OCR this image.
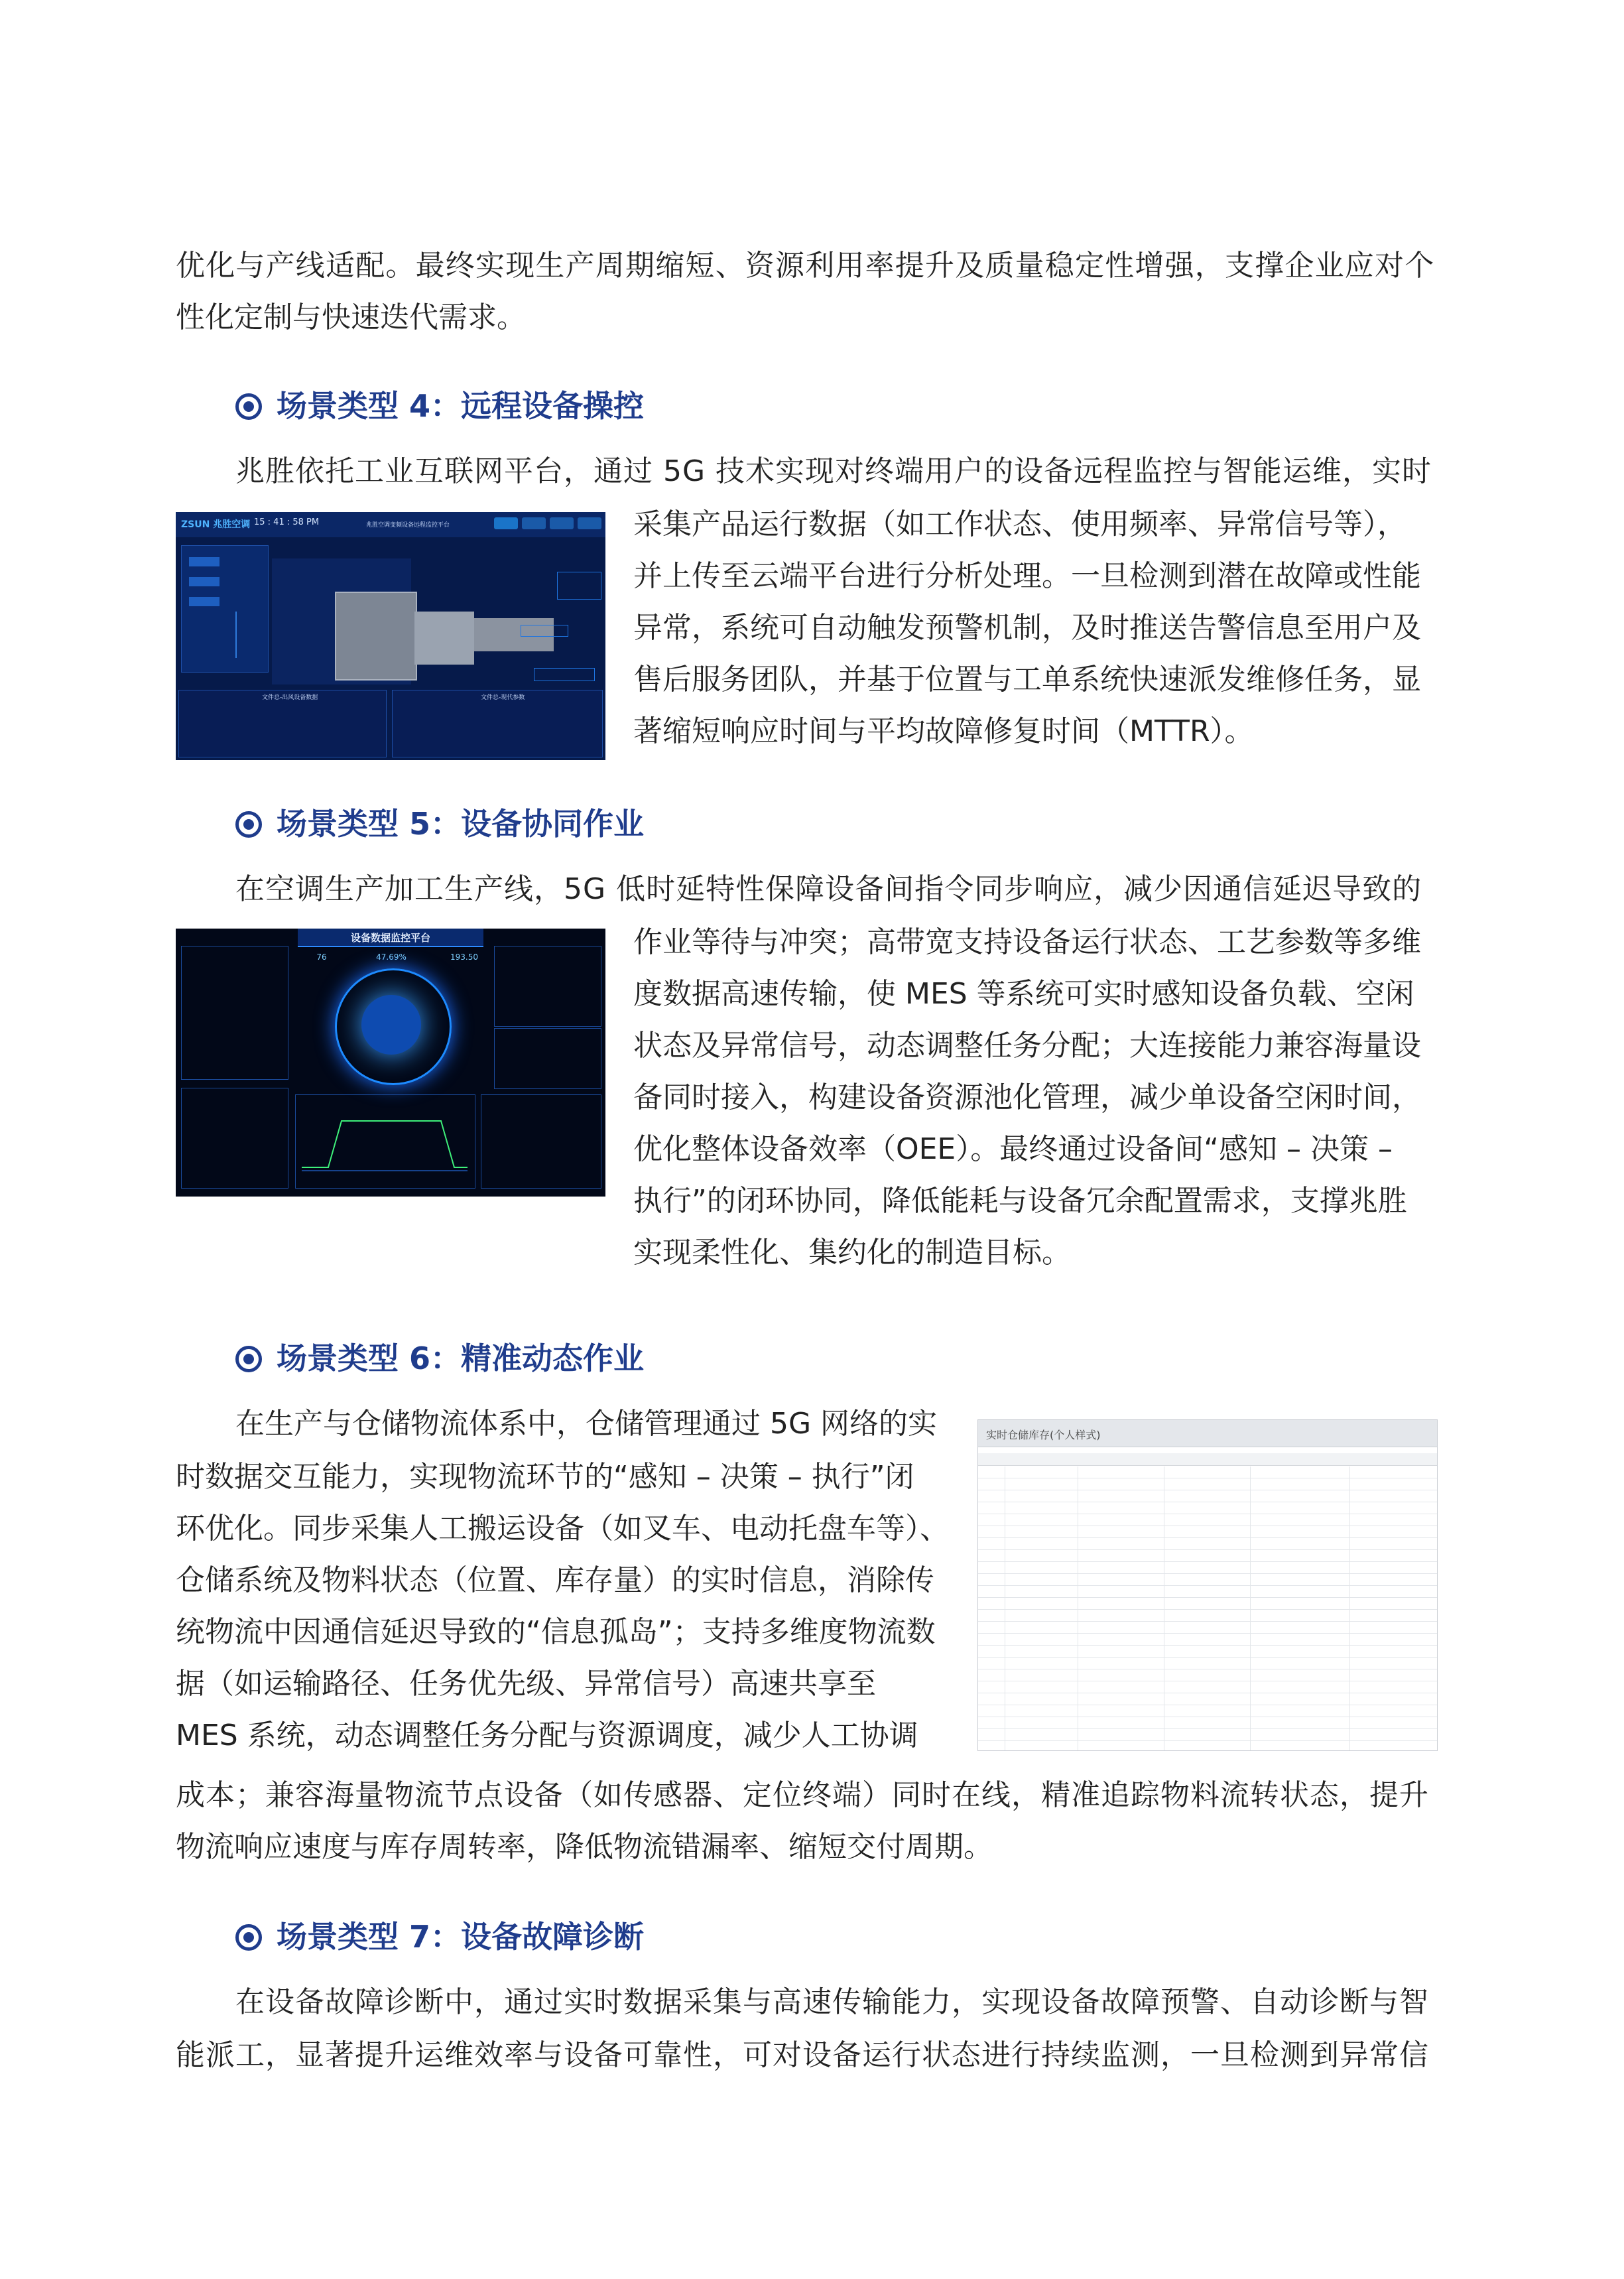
优化与产线适配。最终实现生产周期缩短、资源利用率提升及质量稳定性增强，支撑企业应对个
性化定制与快速迭代需求。
场景类型 4：远程设备操控
兆胜依托工业互联网平台，通过 5G 技术实现对终端用户的设备远程监控与智能运维，实时
采集产品运行数据（如工作状态、使用频率、异常信号等），
并上传至云端平台进行分析处理。一旦检测到潜在故障或性能
异常，系统可自动触发预警机制，及时推送告警信息至用户及
售后服务团队，并基于位置与工单系统快速派发维修任务，显
著缩短响应时间与平均故障修复时间（MTTR）。
ZSUN 兆胜空调 15 : 41 : 58 PM	兆胜空调变频设备远程监控平台
文件总-出风设备数据	文件总-现代参数
场景类型 5：设备协同作业
在空调生产加工生产线，5G 低时延特性保障设备间指令同步响应，减少因通信延迟导致的
作业等待与冲突；高带宽支持设备运行状态、工艺参数等多维
度数据高速传输，使 MES 等系统可实时感知设备负载、空闲
状态及异常信号，动态调整任务分配；大连接能力兼容海量设
备同时接入，构建设备资源池化管理，减少单设备空闲时间，
优化整体设备效率（OEE）。最终通过设备间“感知 – 决策 –
执行”的闭环协同，降低能耗与设备冗余配置需求，支撑兆胜
实现柔性化、集约化的制造目标。
设备数据监控平台
76	47.69%	193.50
场景类型 6：精准动态作业
在生产与仓储物流体系中，仓储管理通过 5G 网络的实
时数据交互能力，实现物流环节的“感知 – 决策 – 执行”闭
环优化。同步采集人工搬运设备（如叉车、电动托盘车等）、
仓储系统及物料状态（位置、库存量）的实时信息，消除传
统物流中因通信延迟导致的“信息孤岛”；支持多维度物流数
据（如运输路径、任务优先级、异常信号）高速共享至
MES 系统，动态调整任务分配与资源调度，减少人工协调
成本；兼容海量物流节点设备（如传感器、定位终端）同时在线，精准追踪物料流转状态，提升
物流响应速度与库存周转率，降低物流错漏率、缩短交付周期。
实时仓储库存(个人样式)
场景类型 7：设备故障诊断
在设备故障诊断中，通过实时数据采集与高速传输能力，实现设备故障预警、自动诊断与智
能派工，显著提升运维效率与设备可靠性，可对设备运行状态进行持续监测，一旦检测到异常信
